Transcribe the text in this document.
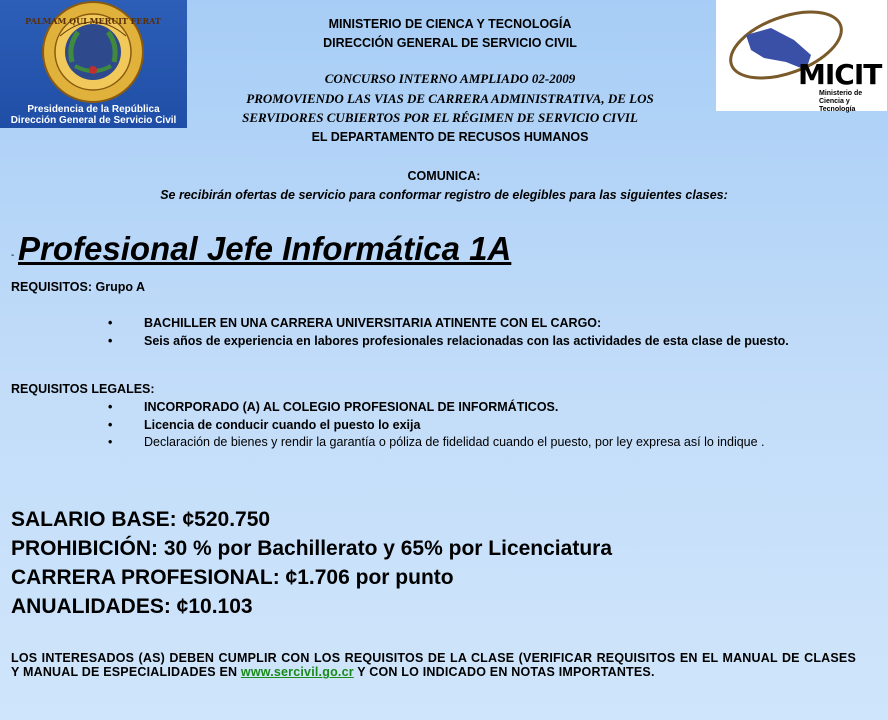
PALMAM QUI MERUIT FERAT
Presidencia de la República
Dirección General de Servicio Civil
MICIT
Ministerio de
Ciencia y Tecnología
MINISTERIO DE CIENCA Y TECNOLOGÍA
DIRECCIÓN GENERAL DE SERVICIO CIVIL
CONCURSO INTERNO AMPLIADO 02-2009
PROMOVIENDO LAS VIAS DE CARRERA ADMINISTRATIVA, DE LOS
SERVIDORES CUBIERTOS POR EL RÉGIMEN DE SERVICIO CIVIL
EL DEPARTAMENTO DE RECUSOS HUMANOS
COMUNICA:
Se recibirán ofertas de servicio para conformar registro de elegibles para las siguientes clases:
- Profesional Jefe Informática 1A
REQUISITOS: Grupo A
•	BACHILLER EN UNA CARRERA UNIVERSITARIA ATINENTE CON EL CARGO:
•	Seis años de experiencia en labores profesionales relacionadas con las actividades de esta clase de puesto.
REQUISITOS LEGALES:
•	INCORPORADO (A) AL COLEGIO PROFESIONAL DE INFORMÁTICOS.
•	Licencia de conducir cuando el puesto lo exija
•	Declaración de bienes y rendir la garantía o póliza de fidelidad cuando el puesto, por ley expresa así lo indique .
SALARIO BASE: ¢520.750
PROHIBICIÓN: 30 % por Bachillerato y 65% por Licenciatura
CARRERA PROFESIONAL: ¢1.706 por punto
ANUALIDADES: ¢10.103
LOS INTERESADOS (AS) DEBEN CUMPLIR CON LOS REQUISITOS DE LA CLASE (VERIFICAR REQUISITOS EN EL MANUAL DE CLASES Y MANUAL DE ESPECIALIDADES EN www.sercivil.go.cr Y CON LO INDICADO EN NOTAS IMPORTANTES.
